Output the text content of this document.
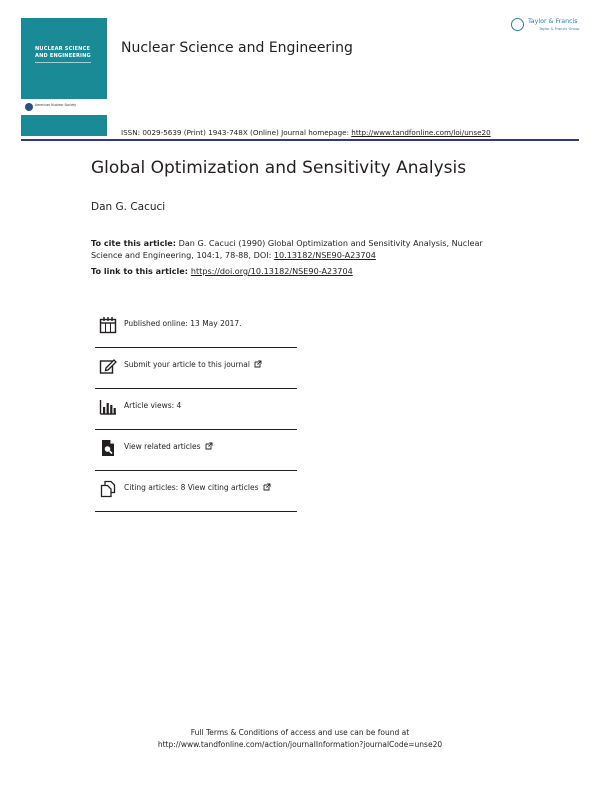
NUCLEAR SCIENCE AND ENGINEERING
American Nuclear Society
Nuclear Science and Engineering
Taylor & Francis
Taylor & Francis Group
ISSN: 0029-5639 (Print) 1943-748X (Online) Journal homepage: http://www.tandfonline.com/loi/unse20
Global Optimization and Sensitivity Analysis
Dan G. Cacuci
To cite this article: Dan G. Cacuci (1990) Global Optimization and Sensitivity Analysis, Nuclear Science and Engineering, 104:1, 78-88, DOI: 10.13182/NSE90-A23704
To link to this article: https://doi.org/10.13182/NSE90-A23704
Published online: 13 May 2017.
Submit your article to this journal
Article views: 4
View related articles
Citing articles: 8 View citing articles
Full Terms & Conditions of access and use can be found at
http://www.tandfonline.com/action/journalInformation?journalCode=unse20
